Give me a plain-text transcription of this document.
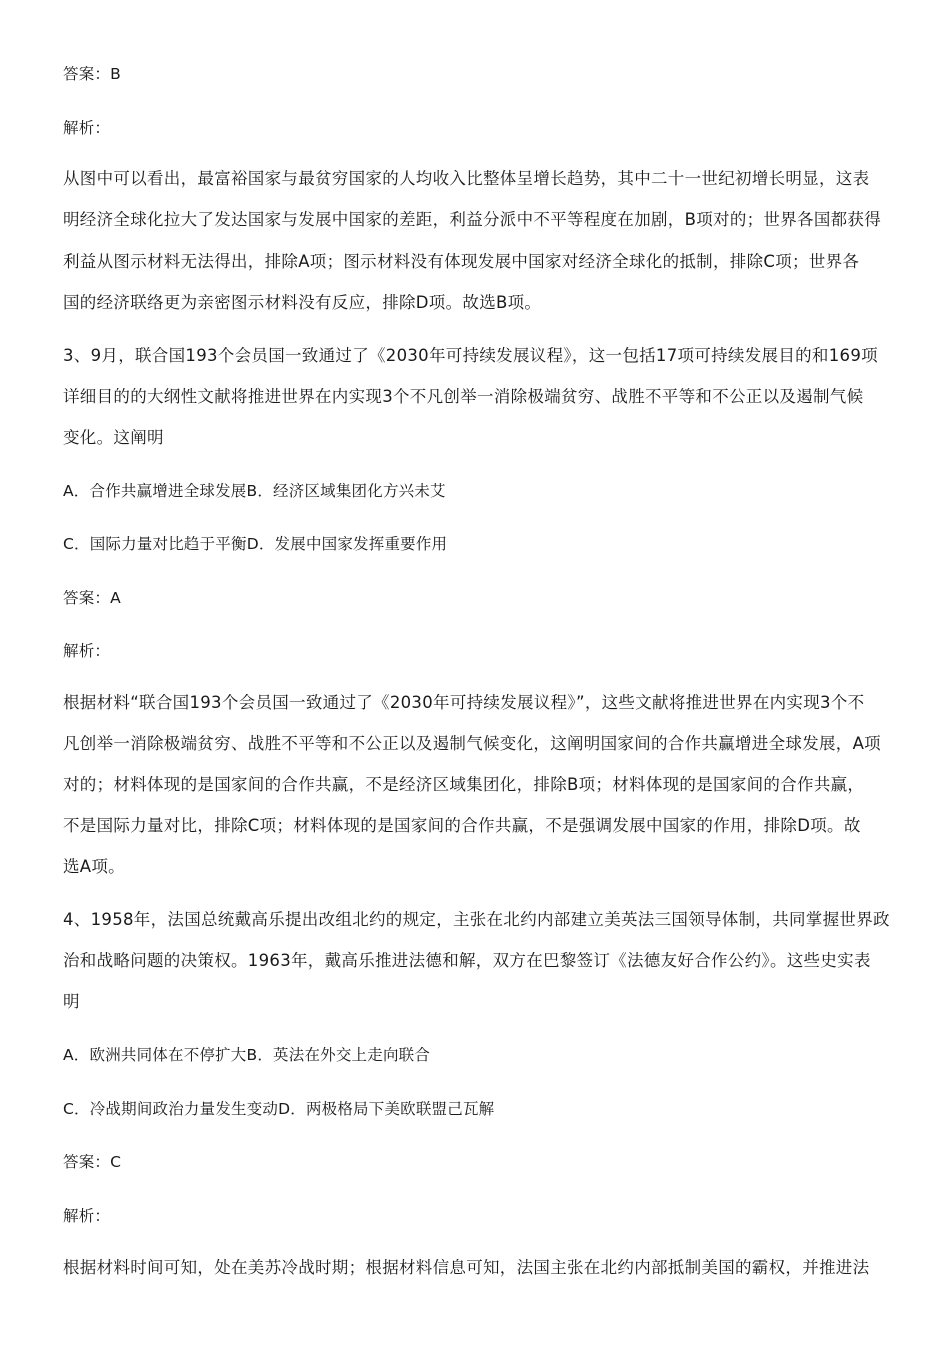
答案：B
解析：
从图中可以看出，最富裕国家与最贫穷国家的人均收入比整体呈增长趋势，其中二十一世纪初增长明显，这表
明经济全球化拉大了发达国家与发展中国家的差距，利益分派中不平等程度在加剧，B项对的；世界各国都获得
利益从图示材料无法得出，排除A项；图示材料没有体现发展中国家对经济全球化的抵制，排除C项；世界各
国的经济联络更为亲密图示材料没有反应，排除D项。故选B项。
3、9月，联合国193个会员国一致通过了《2030年可持续发展议程》，这一包括17项可持续发展目的和169项
详细目的的大纲性文献将推进世界在内实现3个不凡创举一消除极端贫穷、战胜不平等和不公正以及遏制气候
变化。这阐明
A．合作共赢增进全球发展B．经济区域集团化方兴未艾
C．国际力量对比趋于平衡D．发展中国家发挥重要作用
答案：A
解析：
根据材料“联合国193个会员国一致通过了《2030年可持续发展议程》”，这些文献将推进世界在内实现3个不
凡创举一消除极端贫穷、战胜不平等和不公正以及遏制气候变化，这阐明国家间的合作共赢增进全球发展，A项
对的；材料体现的是国家间的合作共赢，不是经济区域集团化，排除B项；材料体现的是国家间的合作共赢，
不是国际力量对比，排除C项；材料体现的是国家间的合作共赢，不是强调发展中国家的作用，排除D项。故
选A项。
4、1958年，法国总统戴高乐提出改组北约的规定，主张在北约内部建立美英法三国领导体制，共同掌握世界政
治和战略问题的决策权。1963年，戴高乐推进法德和解，双方在巴黎签订《法德友好合作公约》。这些史实表
明
A．欧洲共同体在不停扩大B．英法在外交上走向联合
C．冷战期间政治力量发生变动D．两极格局下美欧联盟己瓦解
答案：C
解析：
根据材料时间可知，处在美苏冷战时期；根据材料信息可知，法国主张在北约内部抵制美国的霸权，并推进法
